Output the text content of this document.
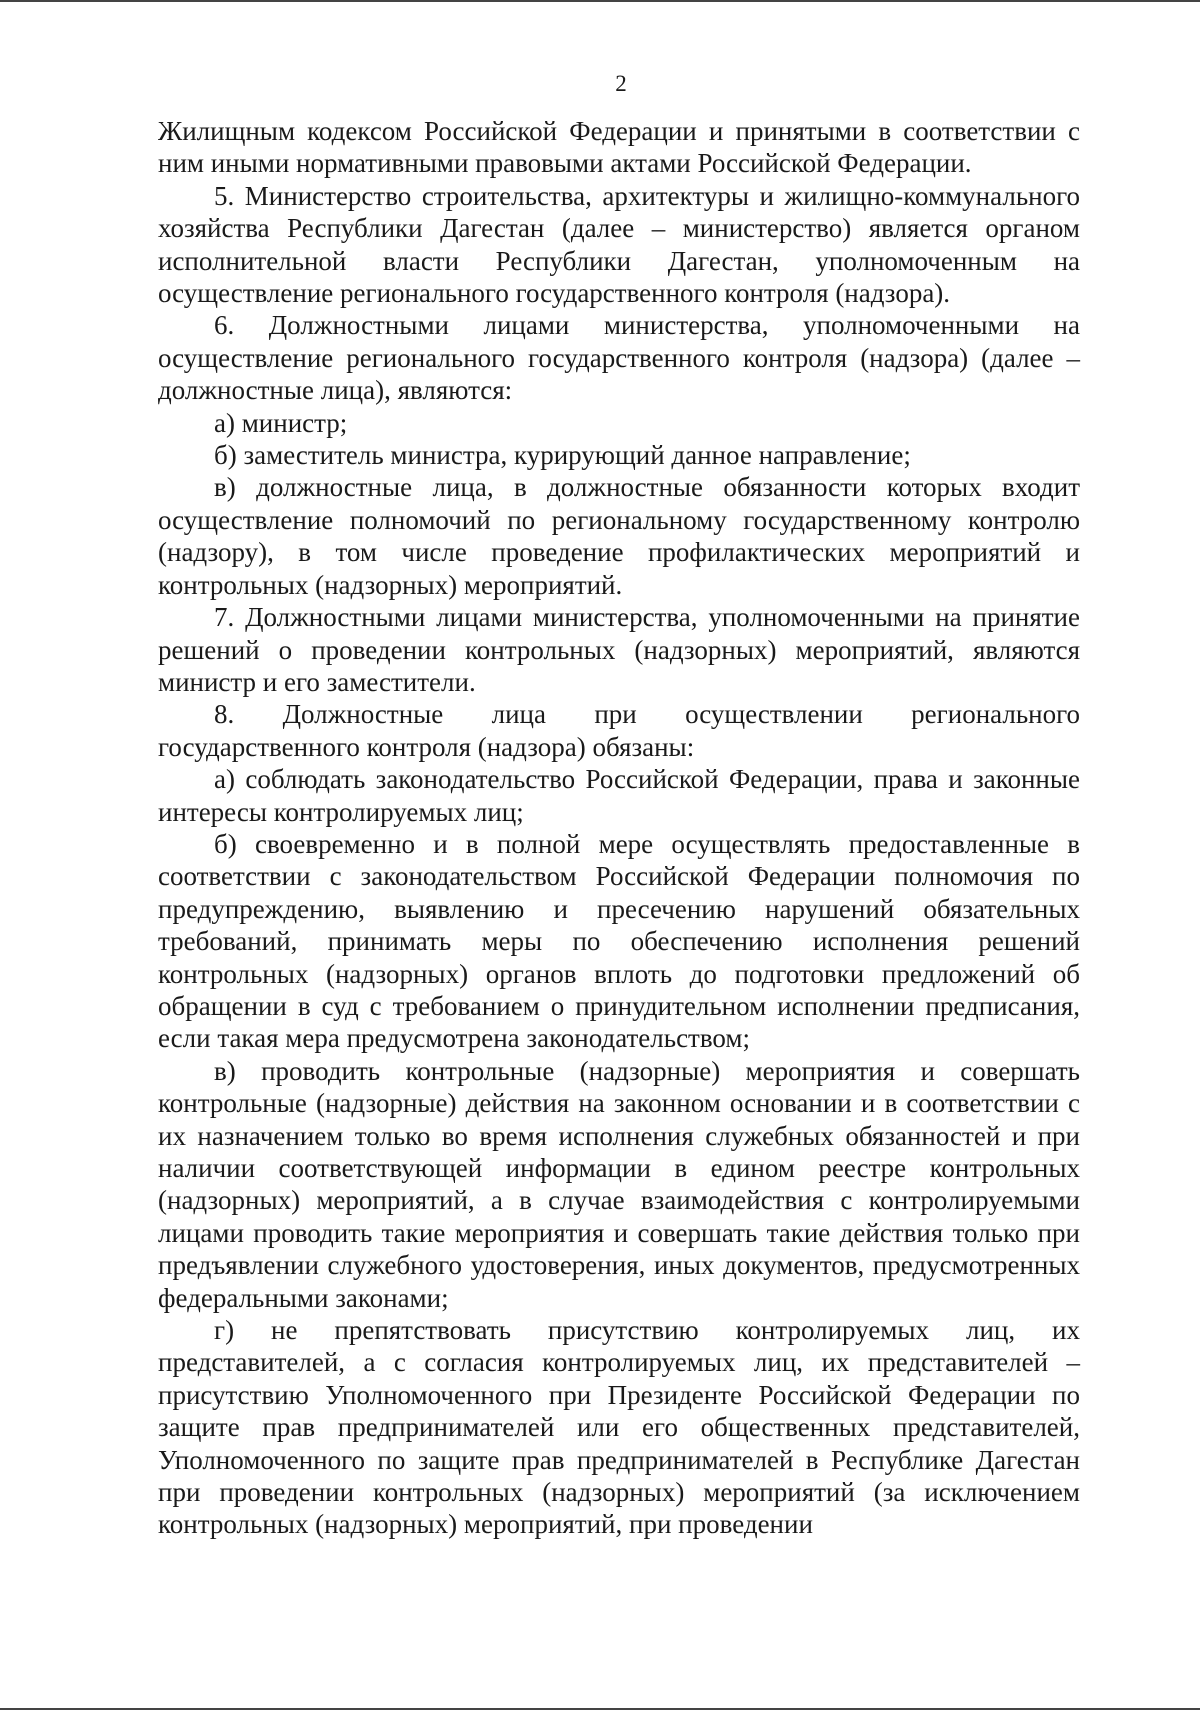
2

Жилищным кодексом Российской Федерации и принятыми в соответствии с ним иными нормативными правовыми актами Российской Федерации.

5. Министерство строительства, архитектуры и жилищно-коммунального хозяйства Республики Дагестан (далее – министерство) является органом исполнительной власти Республики Дагестан, уполномоченным на осуществление регионального государственного контроля (надзора).

6. Должностными лицами министерства, уполномоченными на осуществление регионального государственного контроля (надзора) (далее – должностные лица), являются:

а) министр;

б) заместитель министра, курирующий данное направление;

в) должностные лица, в должностные обязанности которых входит осуществление полномочий по региональному государственному контролю (надзору), в том числе проведение профилактических мероприятий и контрольных (надзорных) мероприятий.

7. Должностными лицами министерства, уполномоченными на принятие решений о проведении контрольных (надзорных) мероприятий, являются министр и его заместители.

8. Должностные лица при осуществлении регионального государственного контроля (надзора) обязаны:

а) соблюдать законодательство Российской Федерации, права и законные интересы контролируемых лиц;

б) своевременно и в полной мере осуществлять предоставленные в соответствии с законодательством Российской Федерации полномочия по предупреждению, выявлению и пресечению нарушений обязательных требований, принимать меры по обеспечению исполнения решений контрольных (надзорных) органов вплоть до подготовки предложений об обращении в суд с требованием о принудительном исполнении предписания, если такая мера предусмотрена законодательством;

в) проводить контрольные (надзорные) мероприятия и совершать контрольные (надзорные) действия на законном основании и в соответствии с их назначением только во время исполнения служебных обязанностей и при наличии соответствующей информации в едином реестре контрольных (надзорных) мероприятий, а в случае взаимодействия с контролируемыми лицами проводить такие мероприятия и совершать такие действия только при предъявлении служебного удостоверения, иных документов, предусмотренных федеральными законами;

г) не препятствовать присутствию контролируемых лиц, их представителей, а с согласия контролируемых лиц, их представителей – присутствию Уполномоченного при Президенте Российской Федерации по защите прав предпринимателей или его общественных представителей, Уполномоченного по защите прав предпринимателей в Республике Дагестан при проведении контрольных (надзорных) мероприятий (за исключением контрольных (надзорных) мероприятий, при проведении
